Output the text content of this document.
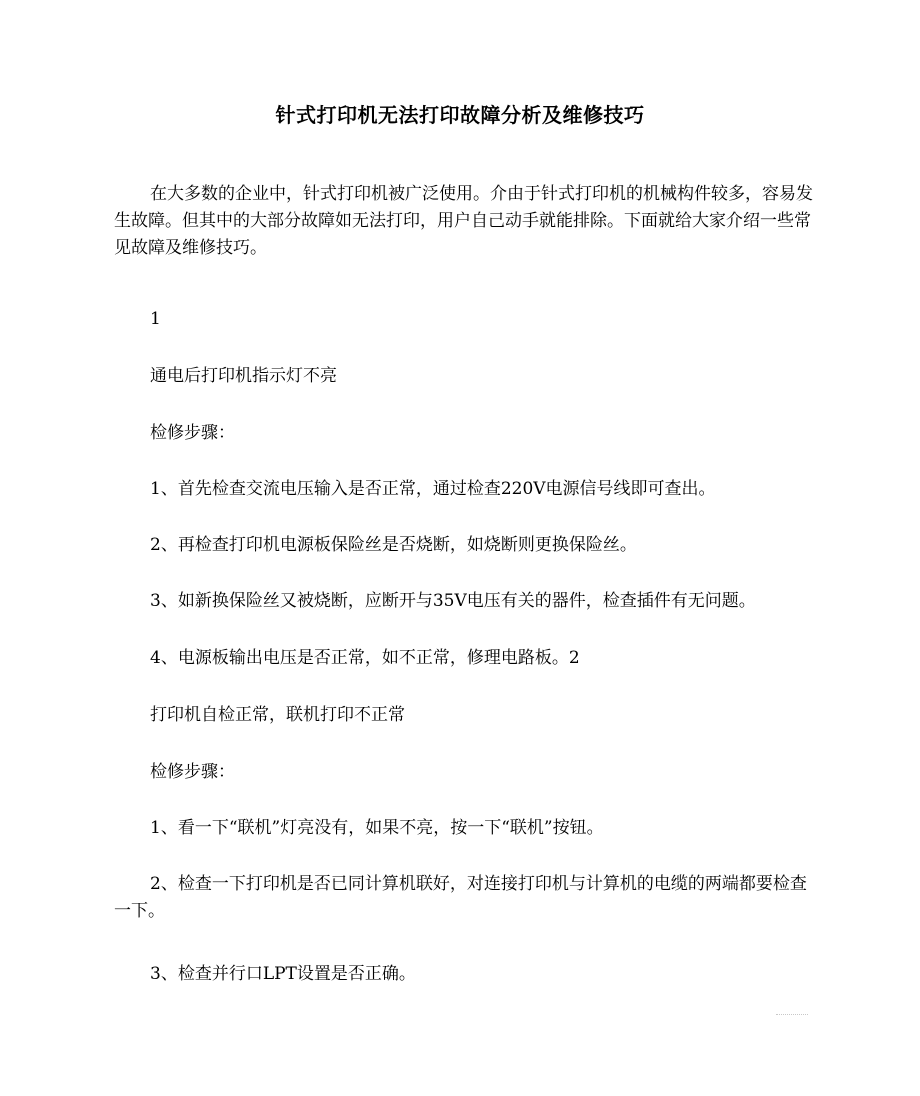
针式打印机无法打印故障分析及维修技巧

在大多数的企业中，针式打印机被广泛使用。介由于针式打印机的机械构件较多，容易发生故障。但其中的大部分故障如无法打印，用户自己动手就能排除。下面就给大家介绍一些常见故障及维修技巧。

1

通电后打印机指示灯不亮

检修步骤：

1、首先检查交流电压输入是否正常，通过检查220V电源信号线即可查出。

2、再检查打印机电源板保险丝是否烧断，如烧断则更换保险丝。

3、如新换保险丝又被烧断，应断开与35V电压有关的器件，检查插件有无问题。

4、电源板输出电压是否正常，如不正常，修理电路板。2

打印机自检正常，联机打印不正常

检修步骤：

1、看一下“联机”灯亮没有，如果不亮，按一下“联机”按钮。

2、检查一下打印机是否已同计算机联好，对连接打印机与计算机的电缆的两端都要检查一下。

3、检查并行口LPT设置是否正确。
